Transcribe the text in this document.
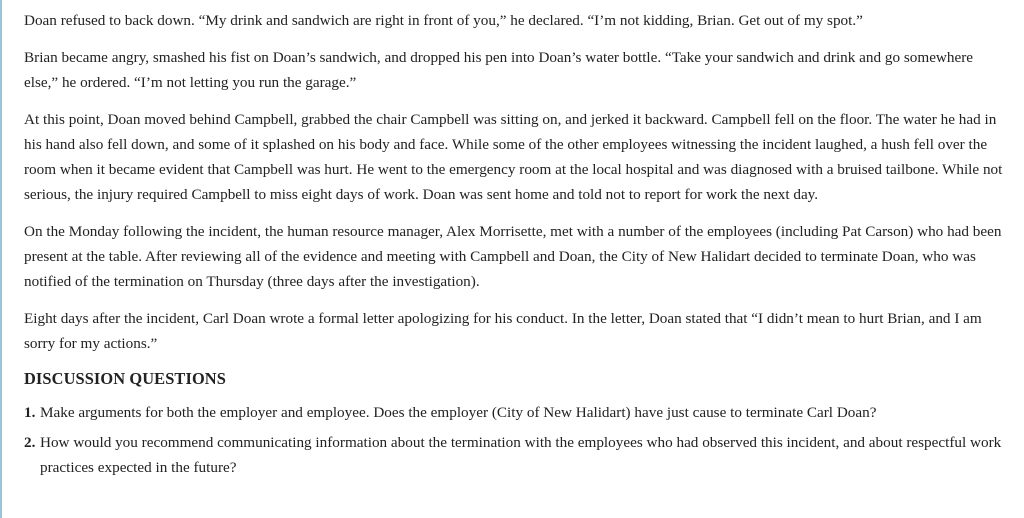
Doan refused to back down. “My drink and sandwich are right in front of you,” he declared. “I’m not kidding, Brian. Get out of my spot.”

Brian became angry, smashed his fist on Doan’s sandwich, and dropped his pen into Doan’s water bottle. “Take your sandwich and drink and go somewhere else,” he ordered. “I’m not letting you run the garage.”

At this point, Doan moved behind Campbell, grabbed the chair Campbell was sitting on, and jerked it backward. Campbell fell on the floor. The water he had in his hand also fell down, and some of it splashed on his body and face. While some of the other employees witnessing the incident laughed, a hush fell over the room when it became evident that Campbell was hurt. He went to the emergency room at the local hospital and was diagnosed with a bruised tailbone. While not serious, the injury required Campbell to miss eight days of work. Doan was sent home and told not to report for work the next day.

On the Monday following the incident, the human resource manager, Alex Morrisette, met with a number of the employees (including Pat Carson) who had been present at the table. After reviewing all of the evidence and meeting with Campbell and Doan, the City of New Halidart decided to terminate Doan, who was notified of the termination on Thursday (three days after the investigation).

Eight days after the incident, Carl Doan wrote a formal letter apologizing for his conduct. In the letter, Doan stated that “I didn’t mean to hurt Brian, and I am sorry for my actions.”

DISCUSSION QUESTIONS
1. Make arguments for both the employer and employee. Does the employer (City of New Halidart) have just cause to terminate Carl Doan?
2. How would you recommend communicating information about the termination with the employees who had observed this incident, and about respectful work practices expected in the future?
